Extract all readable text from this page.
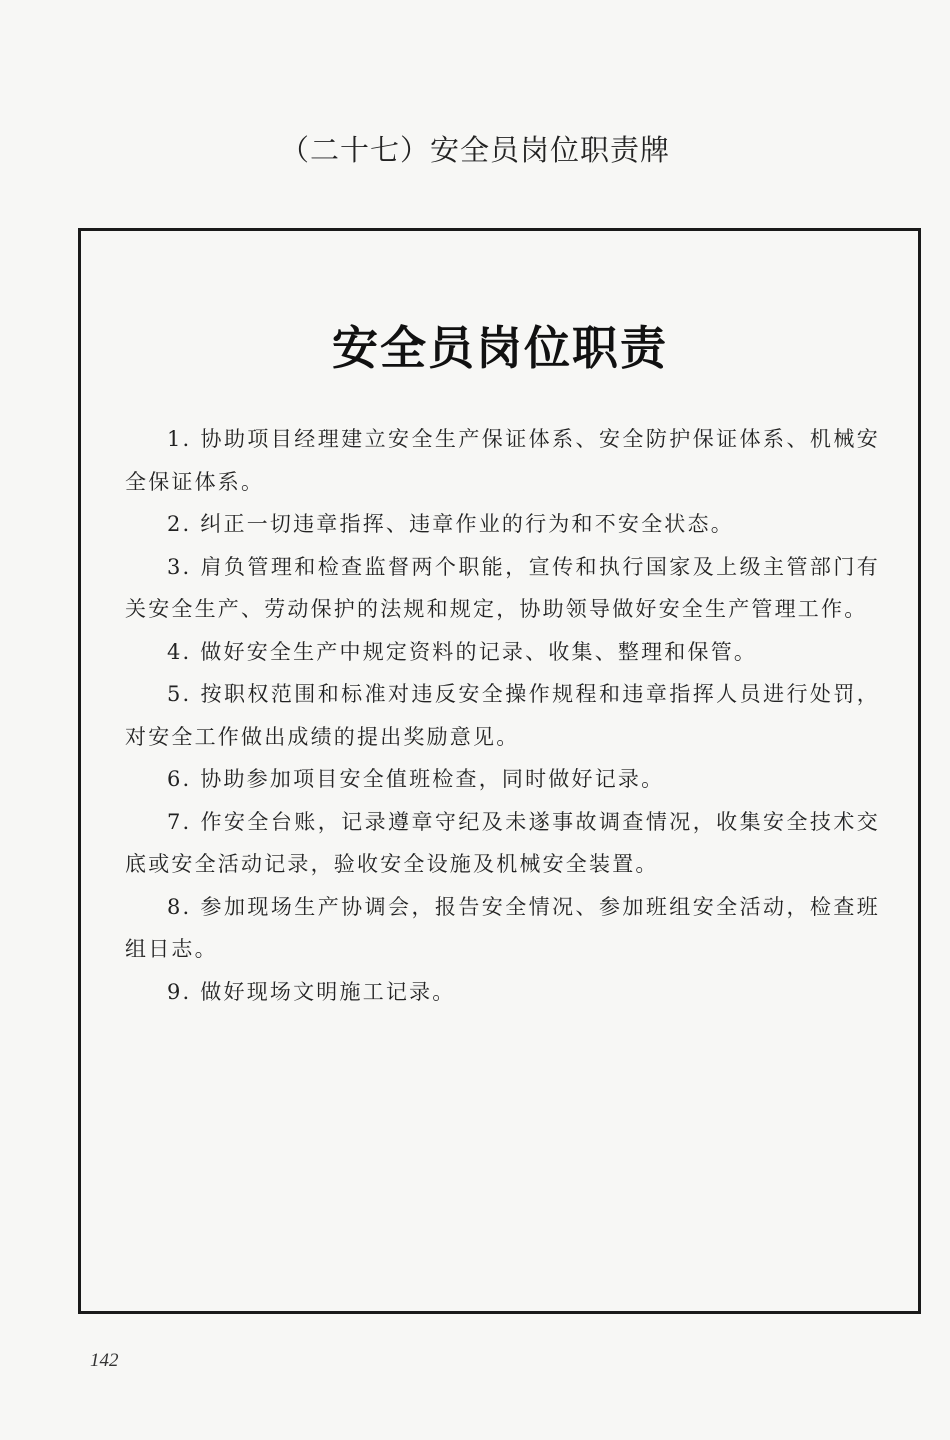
（二十七）安全员岗位职责牌
安全员岗位职责

1. 协助项目经理建立安全生产保证体系、安全防护保证体系、机械安全保证体系。

2. 纠正一切违章指挥、违章作业的行为和不安全状态。

3. 肩负管理和检查监督两个职能，宣传和执行国家及上级主管部门有关安全生产、劳动保护的法规和规定，协助领导做好安全生产管理工作。

4. 做好安全生产中规定资料的记录、收集、整理和保管。

5. 按职权范围和标准对违反安全操作规程和违章指挥人员进行处罚，对安全工作做出成绩的提出奖励意见。

6. 协助参加项目安全值班检查，同时做好记录。

7. 作安全台账，记录遵章守纪及未遂事故调查情况，收集安全技术交底或安全活动记录，验收安全设施及机械安全装置。

8. 参加现场生产协调会，报告安全情况、参加班组安全活动，检查班组日志。

9. 做好现场文明施工记录。

142
